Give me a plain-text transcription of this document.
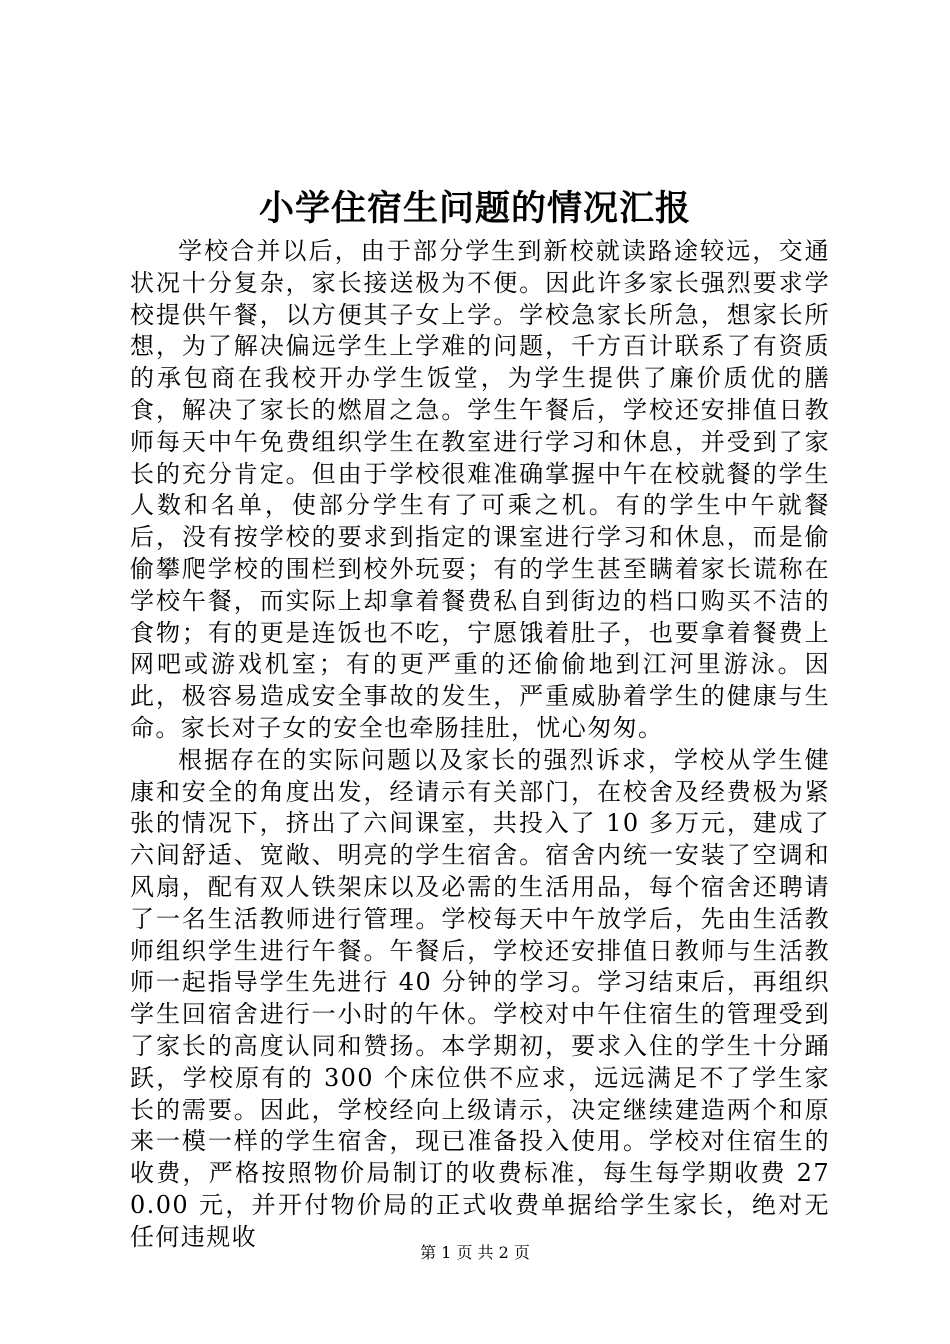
小学住宿生问题的情况汇报

学校合并以后，由于部分学生到新校就读路途较远，交通状况十分复杂，家长接送极为不便。因此许多家长强烈要求学校提供午餐，以方便其子女上学。学校急家长所急，想家长所想，为了解决偏远学生上学难的问题，千方百计联系了有资质的承包商在我校开办学生饭堂，为学生提供了廉价质优的膳食，解决了家长的燃眉之急。学生午餐后，学校还安排值日教师每天中午免费组织学生在教室进行学习和休息，并受到了家长的充分肯定。但由于学校很难准确掌握中午在校就餐的学生人数和名单，使部分学生有了可乘之机。有的学生中午就餐后，没有按学校的要求到指定的课室进行学习和休息，而是偷偷攀爬学校的围栏到校外玩耍；有的学生甚至瞒着家长谎称在学校午餐，而实际上却拿着餐费私自到街边的档口购买不洁的食物；有的更是连饭也不吃，宁愿饿着肚子，也要拿着餐费上网吧或游戏机室；有的更严重的还偷偷地到江河里游泳。因此，极容易造成安全事故的发生，严重威胁着学生的健康与生命。家长对子女的安全也牵肠挂肚，忧心匆匆。

根据存在的实际问题以及家长的强烈诉求，学校从学生健康和安全的角度出发，经请示有关部门，在校舍及经费极为紧张的情况下，挤出了六间课室，共投入了 10 多万元，建成了六间舒适、宽敞、明亮的学生宿舍。宿舍内统一安装了空调和风扇，配有双人铁架床以及必需的生活用品，每个宿舍还聘请了一名生活教师进行管理。学校每天中午放学后，先由生活教师组织学生进行午餐。午餐后，学校还安排值日教师与生活教师一起指导学生先进行 40 分钟的学习。学习结束后，再组织学生回宿舍进行一小时的午休。学校对中午住宿生的管理受到了家长的高度认同和赞扬。本学期初，要求入住的学生十分踊跃，学校原有的 300 个床位供不应求，远远满足不了学生家长的需要。因此，学校经向上级请示，决定继续建造两个和原来一模一样的学生宿舍，现已准备投入使用。学校对住宿生的收费，严格按照物价局制订的收费标准，每生每学期收费 270.00 元，并开付物价局的正式收费单据给学生家长，绝对无任何违规收

第 1 页 共 2 页
